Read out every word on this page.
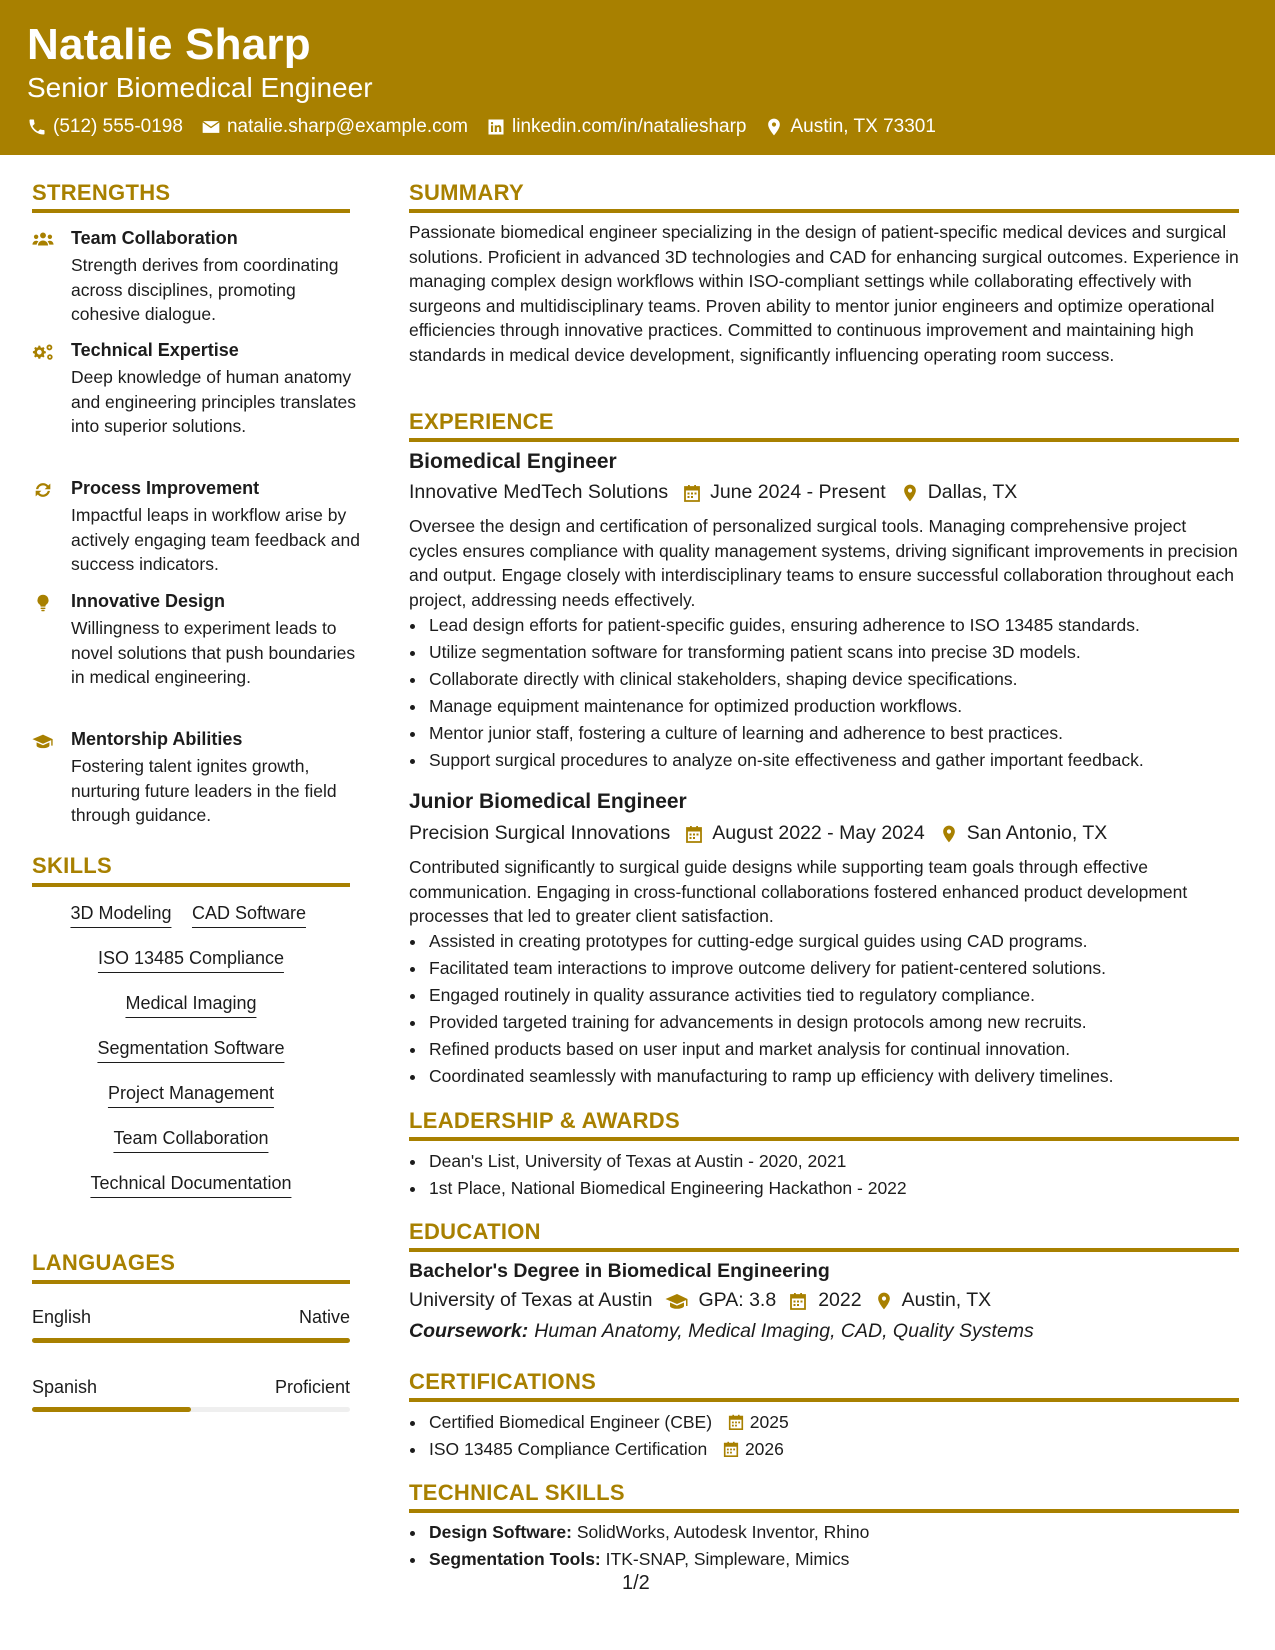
Natalie Sharp
Senior Biomedical Engineer
(512) 555-0198 natalie.sharp@example.com linkedin.com/in/nataliesharp Austin, TX 73301
STRENGTHS
Team Collaboration
Strength derives from coordinating across disciplines, promoting cohesive dialogue.
Technical Expertise
Deep knowledge of human anatomy and engineering principles translates into superior solutions.
Process Improvement
Impactful leaps in workflow arise by actively engaging team feedback and success indicators.
Innovative Design
Willingness to experiment leads to novel solutions that push boundaries in medical engineering.
Mentorship Abilities
Fostering talent ignites growth, nurturing future leaders in the field through guidance.
SKILLS
3D Modeling CAD Software
ISO 13485 Compliance
Medical Imaging
Segmentation Software
Project Management
Team Collaboration
Technical Documentation
LANGUAGES
English	Native
Spanish	Proficient
SUMMARY
Passionate biomedical engineer specializing in the design of patient-specific medical devices and surgical solutions. Proficient in advanced 3D technologies and CAD for enhancing surgical outcomes. Experience in managing complex design workflows within ISO-compliant settings while collaborating effectively with surgeons and multidisciplinary teams. Proven ability to mentor junior engineers and optimize operational efficiencies through innovative practices. Committed to continuous improvement and maintaining high standards in medical device development, significantly influencing operating room success.
EXPERIENCE
Biomedical Engineer
Innovative MedTech Solutions June 2024 - Present Dallas, TX
Oversee the design and certification of personalized surgical tools. Managing comprehensive project cycles ensures compliance with quality management systems, driving significant improvements in precision and output. Engage closely with interdisciplinary teams to ensure successful collaboration throughout each project, addressing needs effectively.
• Lead design efforts for patient-specific guides, ensuring adherence to ISO 13485 standards.
• Utilize segmentation software for transforming patient scans into precise 3D models.
• Collaborate directly with clinical stakeholders, shaping device specifications.
• Manage equipment maintenance for optimized production workflows.
• Mentor junior staff, fostering a culture of learning and adherence to best practices.
• Support surgical procedures to analyze on-site effectiveness and gather important feedback.
Junior Biomedical Engineer
Precision Surgical Innovations August 2022 - May 2024 San Antonio, TX
Contributed significantly to surgical guide designs while supporting team goals through effective communication. Engaging in cross-functional collaborations fostered enhanced product development processes that led to greater client satisfaction.
• Assisted in creating prototypes for cutting-edge surgical guides using CAD programs.
• Facilitated team interactions to improve outcome delivery for patient-centered solutions.
• Engaged routinely in quality assurance activities tied to regulatory compliance.
• Provided targeted training for advancements in design protocols among new recruits.
• Refined products based on user input and market analysis for continual innovation.
• Coordinated seamlessly with manufacturing to ramp up efficiency with delivery timelines.
LEADERSHIP & AWARDS
• Dean's List, University of Texas at Austin - 2020, 2021
• 1st Place, National Biomedical Engineering Hackathon - 2022
EDUCATION
Bachelor's Degree in Biomedical Engineering
University of Texas at Austin GPA: 3.8 2022 Austin, TX
Coursework: Human Anatomy, Medical Imaging, CAD, Quality Systems
CERTIFICATIONS
• Certified Biomedical Engineer (CBE) 2025
• ISO 13485 Compliance Certification 2026
TECHNICAL SKILLS
• Design Software: SolidWorks, Autodesk Inventor, Rhino
• Segmentation Tools: ITK-SNAP, Simpleware, Mimics
1/2
